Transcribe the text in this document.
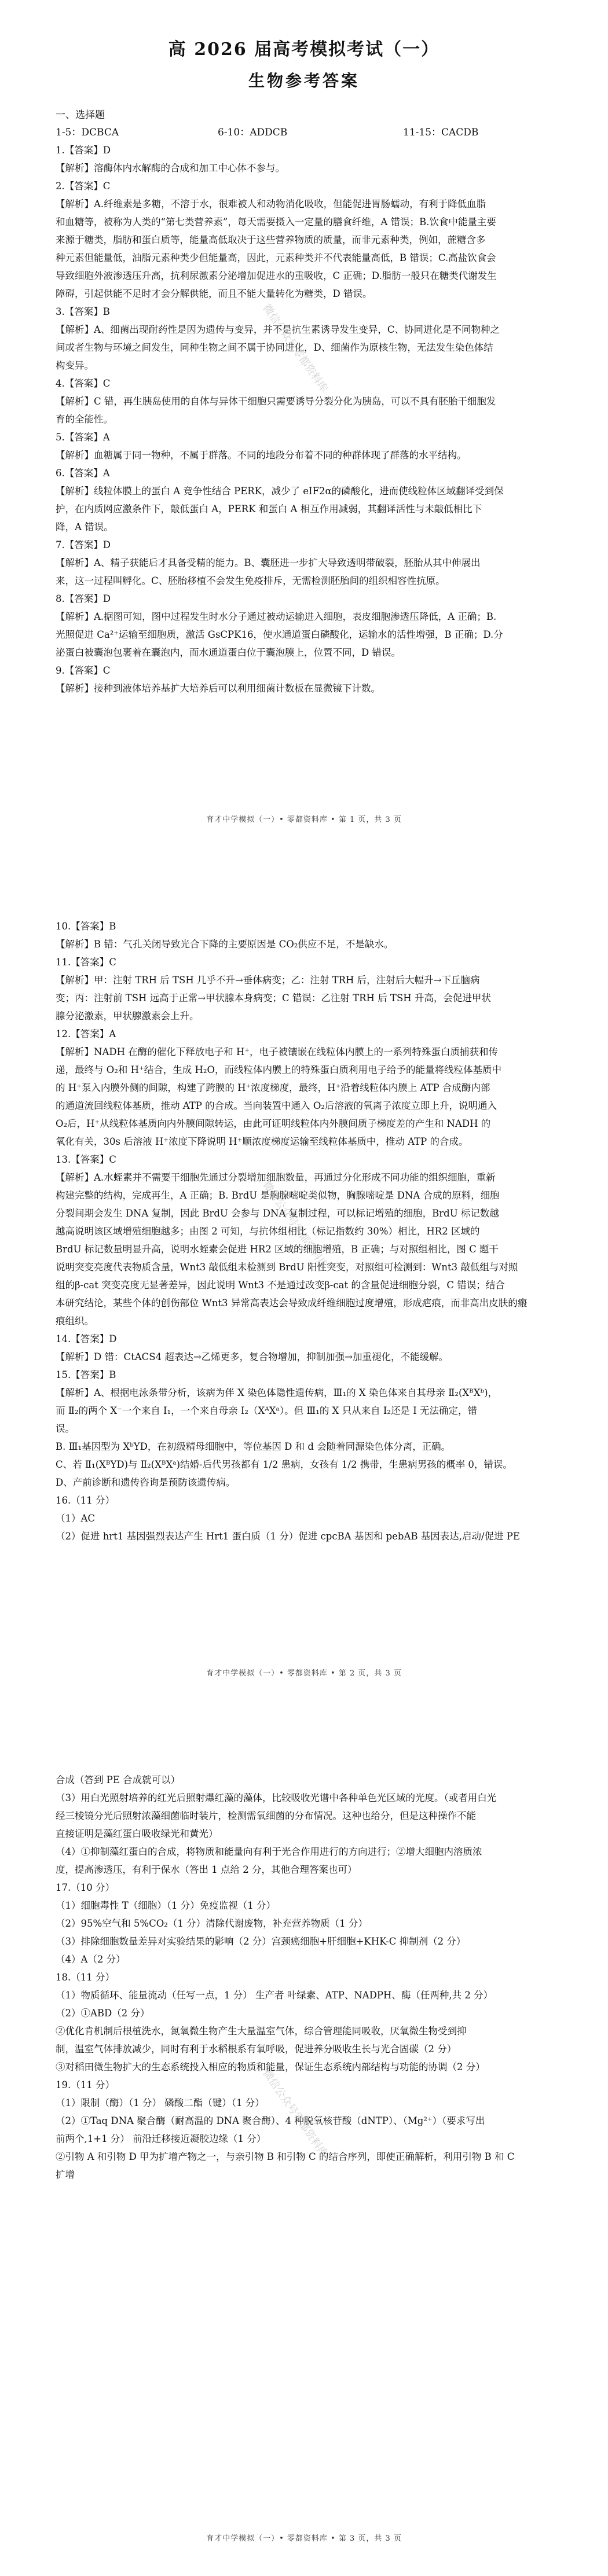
高 2026 届高考模拟考试（一）
生物参考答案

一、选择题

1-5：DCBCA	6-10：ADDCB	11-15：CACDB

1.【答案】D

【解析】溶酶体内水解酶的合成和加工中心体不参与。

2.【答案】C

【解析】A.纤维素是多糖，不溶于水，很难被人和动物消化吸收，但能促进胃肠蠕动，有利于降低血脂

和血糖等，被称为人类的“第七类营养素”，每天需要摄入一定量的膳食纤维，A 错误；B.饮食中能量主要

来源于糖类，脂肪和蛋白质等，能量高低取决于这些营养物质的质量，而非元素种类，例如，蔗糖含多

种元素但能量低，油脂元素种类少但能量高，因此，元素种类并不代表能量高低，B 错误；C.高盐饮食会

导致细胞外液渗透压升高，抗利尿激素分泌增加促进水的重吸收，C 正确；D.脂肪一般只在糖类代谢发生

障碍，引起供能不足时才会分解供能，而且不能大量转化为糖类，D 错误。

3.【答案】B

【解析】A、细菌出现耐药性是因为遗传与变异，并不是抗生素诱导发生变异，C、协同进化是不同物种之

间或者生物与环境之间发生，同种生物之间不属于协同进化，D、细菌作为原核生物，无法发生染色体结

构变异。

4.【答案】C

【解析】C 错，再生胰岛使用的自体与异体干细胞只需要诱导分裂分化为胰岛，可以不具有胚胎干细胞发

育的全能性。

5.【答案】A

【解析】血糖属于同一物种，不属于群落。不同的地段分布着不同的种群体现了群落的水平结构。

6.【答案】A

【解析】线粒体膜上的蛋白 A 竞争性结合 PERK，减少了 eIF2α的磷酸化，进而使线粒体区域翻译受到保

护，在内质网应激条件下，敲低蛋白 A，PERK 和蛋白 A 相互作用减弱，其翻译活性与未敲低相比下

降，A 错误。

7.【答案】D

【解析】A、精子获能后才具备受精的能力。B、囊胚进一步扩大导致透明带破裂，胚胎从其中伸展出

来，这一过程叫孵化。C、胚胎移植不会发生免疫排斥，无需检测胚胎间的组织相容性抗原。

8.【答案】D

【解析】A.据图可知，图中过程发生时水分子通过被动运输进入细胞，表皮细胞渗透压降低，A 正确；B.

光照促进 Ca²⁺运输至细胞质，激活 GsCPK16，使水通道蛋白磷酸化，运输水的活性增强，B 正确；D.分

泌蛋白被囊泡包裹着在囊泡内，而水通道蛋白位于囊泡膜上，位置不同，D 错误。

9.【答案】C

【解析】接种到液体培养基扩大培养后可以利用细菌计数板在显微镜下计数。

微信公众号零都资料库
育才中学模拟（一）• 零都资料库 • 第 1 页，共 3 页

10.【答案】B

【解析】B 错：气孔关闭导致光合下降的主要原因是 CO₂供应不足，不是缺水。

11.【答案】C

【解析】甲：注射 TRH 后 TSH 几乎不升→垂体病变；乙：注射 TRH 后，注射后大幅升→下丘脑病

变；丙：注射前 TSH 远高于正常→甲状腺本身病变；C 错误：乙注射 TRH 后 TSH 升高，会促进甲状

腺分泌激素，甲状腺激素会上升。

12.【答案】A

【解析】NADH 在酶的催化下释放电子和 H⁺，电子被镶嵌在线粒体内膜上的一系列特殊蛋白质捕获和传

递，最终与 O₂和 H⁺结合，生成 H₂O，而线粒体内膜上的特殊蛋白质利用电子给予的能量将线粒体基质中

的 H⁺泵入内膜外侧的间隙，构建了跨膜的 H⁺浓度梯度，最终，H⁺沿着线粒体内膜上 ATP 合成酶内部

的通道流回线粒体基质，推动 ATP 的合成。当向装置中通入 O₂后溶液的氧离子浓度立即上升，说明通入

O₂后，H⁺从线粒体基质向内外膜间隙转运，由此可证明线粒体内外膜间质子梯度差的产生和 NADH 的

氧化有关，30s 后溶液 H⁺浓度下降说明 H⁺顺浓度梯度运输至线粒体基质中，推动 ATP 的合成。

13.【答案】C

【解析】A.水蛭素并不需要干细胞先通过分裂增加细胞数量，再通过分化形成不同功能的组织细胞，重新

构建完整的结构，完成再生，A 正确；B. BrdU 是胸腺嘧啶类似物，胸腺嘧啶是 DNA 合成的原料，细胞

分裂间期会发生 DNA 复制，因此 BrdU 会参与 DNA 复制过程，可以标记增殖的细胞，BrdU 标记数越

越高说明该区域增殖细胞越多；由图 2 可知，与抗体组相比（标记指数约 30%）相比，HR2 区域的

BrdU 标记数量明显升高，说明水蛭素会促进 HR2 区域的细胞增殖，B 正确；与对照组相比，图 C 题干

说明突变亮度代表物质含量，Wnt3 敲低组未检测到 BrdU 阳性突变，对照组可检测到：Wnt3 敲低组与对照

组的β-cat 突变亮度无显著差异，因此说明 Wnt3 不是通过改变β-cat 的含量促进细胞分裂，C 错误；结合

本研究结论，某些个体的创伤部位 Wnt3 异常高表达会导致成纤维细胞过度增殖，形成疤痕，而非高出皮肤的瘢

痕组织。

14.【答案】D

【解析】D 错：CtACS4 超表达→乙烯更多，复合物增加，抑制加强→加重褪化，不能缓解。

15.【答案】B

【解析】A、根据电泳条带分析，该病为伴 X 染色体隐性遗传病，Ⅲ₁的 X 染色体来自其母亲 Ⅱ₂(XᴮXᵇ)，

而 Ⅱ₂的两个 X⁻一个来自 I₁，一个来自母亲 I₂（XᴬXᵃ）。但 Ⅲ₁的 X 只从来自 I₂还是 I 无法确定，错

误。

B. Ⅲ₁基因型为 XᵇYD，在初级精母细胞中，等位基因 D 和 d 会随着同源染色体分离，正确。

C、若 Ⅱ₁(XᴮYD)与 Ⅱ₂(XᴮXᵃ)结婚-后代男孩都有 1/2 患病，女孩有 1/2 携带，生患病男孩的概率 0，错误。

D、产前诊断和遗传咨询是预防该遗传病。

16.（11 分）

（1）AC

（2）促进 hrt1 基因强烈表达产生 Hrt1 蛋白质（1 分）促进 cpcBA 基因和 pebAB 基因表达,启动/促进 PE

微信公众号零都资料库
育才中学模拟（一）• 零都资料库 • 第 2 页，共 3 页

合成（答到 PE 合成就可以）

（3）用白光照射培养的红光后照射爆红藻的藻体，比较吸收光谱中各种单色光区域的光度。（或者用白光

经三棱镜分光后照射浓藻细菌临时装片，检测需氧细菌的分布情况。这种也给分，但是这种操作不能

直接证明是藻红蛋白吸收绿光和黄光）

（4）①抑制藻红蛋白的合成，将物质和能量向有利于光合作用进行的方向进行；②增大细胞内溶质浓

度，提高渗透压，有利于保水（答出 1 点给 2 分，其他合理答案也可）

17.（10 分）

（1）细胞毒性 T（细胞）（1 分）免疫监视（1 分）

（2）95%空气和 5%CO₂（1 分）清除代谢废物，补充营养物质（1 分）

（3）排除细胞数量差异对实验结果的影响（2 分）宫颈癌细胞+肝细胞+KHK-C 抑制剂（2 分）

（4）A（2 分）

18.（11 分）

（1）物质循环、能量流动（任写一点，1 分） 生产者 叶绿素、ATP、NADPH、酶（任两种,共 2 分）

（2）①ABD（2 分）

②优化肯机制后根植洗水，氮氧微生物产生大量温室气体，综合管理能同吸收，厌氧微生物受到抑

制，温室气体排放减少，同时有利于水稻根系有氧呼吸，促进养分吸收生长与光合固碳（2 分）

③对稻田微生物扩大的生态系统投入相应的物质和能量，保证生态系统内部结构与功能的协调（2 分）

19.（11 分）

（1）限制（酶）（1 分） 磷酸二酯（键）（1 分）

（2）①Taq DNA 聚合酶（耐高温的 DNA 聚合酶）、4 种脱氧核苷酸（dNTP）、（Mg²⁺）（要求写出

前两个,1+1 分） 前沿迁移接近凝胶边缘（1 分）

②引物 A 和引物 D 甲为扩增产物之一，与亲引物 B 和引物 C 的结合序列，即使正确解析，利用引物 B 和 C

扩增

微信公众号零都资料库
育才中学模拟（一）• 零都资料库 • 第 3 页，共 3 页
